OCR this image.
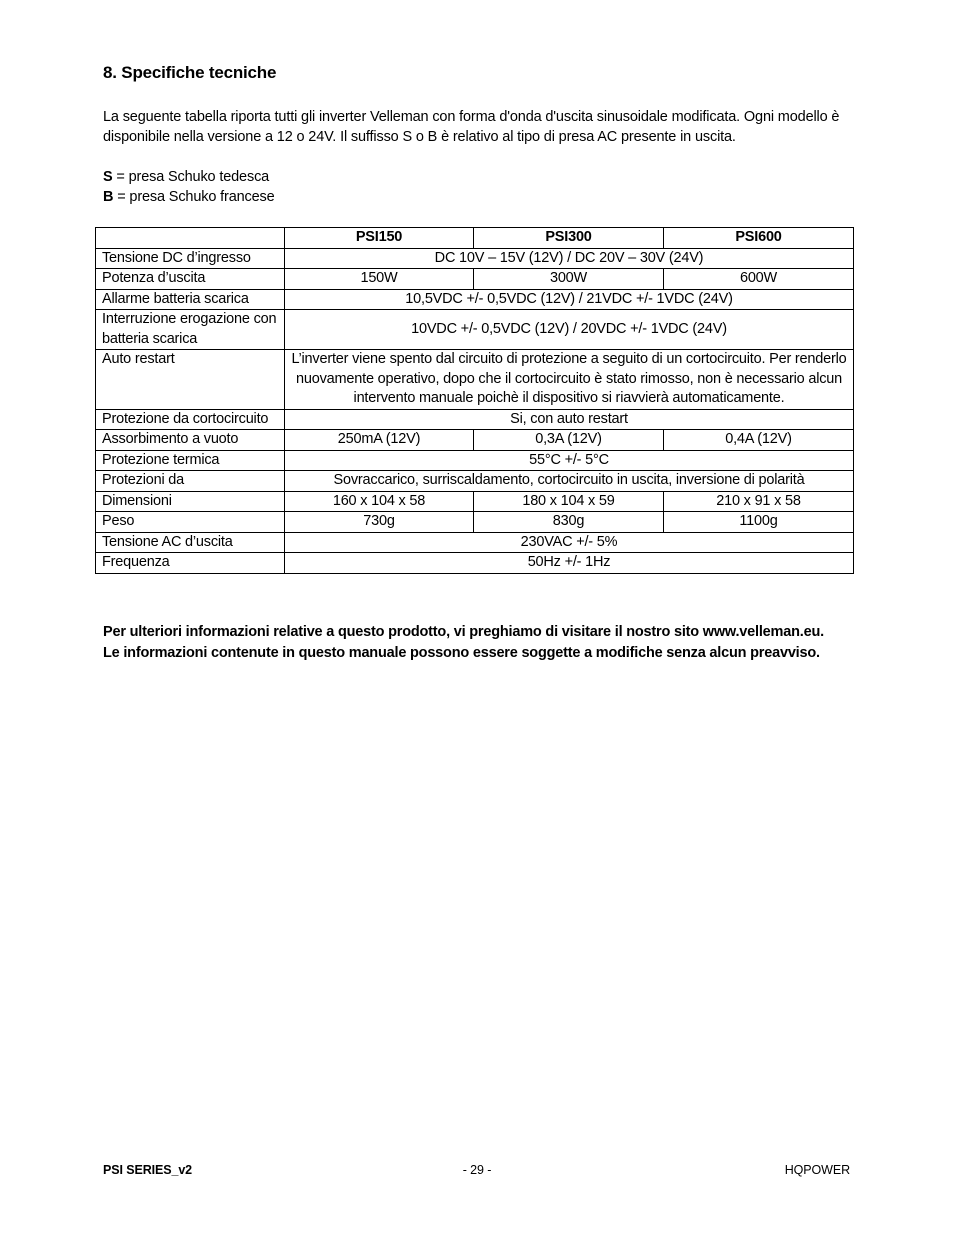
8. Specifiche tecniche

La seguente tabella riporta tutti gli inverter Velleman con forma d'onda d'uscita sinusoidale modificata. Ogni modello è disponibile nella versione a 12 o 24V. Il suffisso S o B è relativo al tipo di presa AC presente in uscita.

S = presa Schuko tedesca
B = presa Schuko francese
	PSI150	PSI300	PSI600
Tensione DC d’ingresso	DC 10V – 15V (12V) / DC 20V – 30V (24V)		
Potenza d’uscita	150W	300W	600W
Allarme batteria scarica	10,5VDC +/- 0,5VDC (12V) / 21VDC +/- 1VDC (24V)		
Interruzione erogazione con batteria scarica	10VDC +/- 0,5VDC (12V) / 20VDC +/- 1VDC (24V)		
Auto restart	L’inverter viene spento dal circuito di protezione a seguito di un cortocircuito. Per renderlo nuovamente operativo, dopo che il cortocircuito è stato rimosso, non è necessario alcun intervento manuale poichè il dispositivo si riavvierà automaticamente.		
Protezione da cortocircuito	Si, con auto restart		
Assorbimento a vuoto	250mA (12V)	0,3A (12V)	0,4A (12V)
Protezione termica	55°C +/- 5°C		
Protezioni da	Sovraccarico, surriscaldamento, cortocircuito in uscita, inversione di polarità		
Dimensioni	160 x 104 x 58	180 x 104 x 59	210 x 91 x 58
Peso	730g	830g	1100g
Tensione AC d’uscita	230VAC +/- 5%		
Frequenza	50Hz +/- 1Hz		

Per ulteriori informazioni relative a questo prodotto, vi preghiamo di visitare il nostro sito www.velleman.eu.

Le informazioni contenute in questo manuale possono essere soggette a modifiche senza alcun preavviso.

PSI SERIES_v2	- 29 -	HQPOWER
